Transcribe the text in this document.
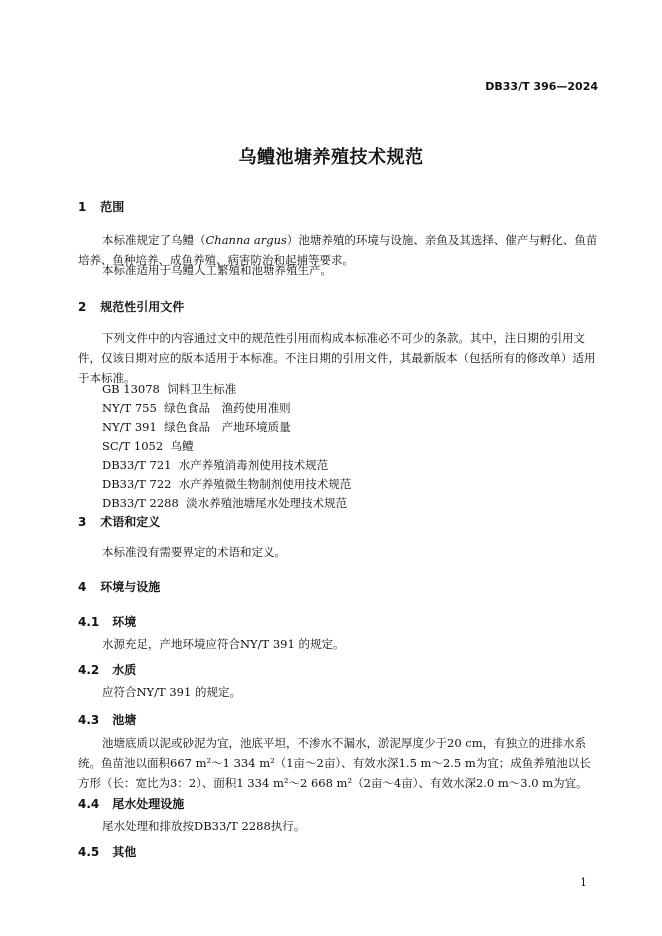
DB33/T 396—2024
乌鳢池塘养殖技术规范
1 范围
本标准规定了乌鳢（Channa argus）池塘养殖的环境与设施、亲鱼及其选择、催产与孵化、鱼苗培养、鱼种培养、成鱼养殖、病害防治和起捕等要求。
本标准适用于乌鳢人工繁殖和池塘养殖生产。
2 规范性引用文件
下列文件中的内容通过文中的规范性引用而构成本标准必不可少的条款。其中，注日期的引用文件，仅该日期对应的版本适用于本标准。不注日期的引用文件，其最新版本（包括所有的修改单）适用于本标准。
GB 13078 饲料卫生标准
NY/T 755 绿色食品　渔药使用准则
NY/T 391 绿色食品　产地环境质量
SC/T 1052 乌鳢
DB33/T 721 水产养殖消毒剂使用技术规范
DB33/T 722 水产养殖微生物制剂使用技术规范
DB33/T 2288 淡水养殖池塘尾水处理技术规范
3 术语和定义
本标准没有需要界定的术语和定义。
4 环境与设施
4.1 环境
水源充足，产地环境应符合NY/T 391 的规定。
4.2 水质
应符合NY/T 391 的规定。
4.3 池塘
池塘底质以泥或砂泥为宜，池底平坦，不渗水不漏水，淤泥厚度少于20 cm，有独立的进排水系统。鱼苗池以面积667 m²～1 334 m²（1亩～2亩）、有效水深1.5 m～2.5 m为宜；成鱼养殖池以长方形（长：宽比为3：2）、面积1 334 m²～2 668 m²（2亩～4亩）、有效水深2.0 m～3.0 m为宜。
4.4 尾水处理设施
尾水处理和排放按DB33/T 2288执行。
4.5 其他
1
